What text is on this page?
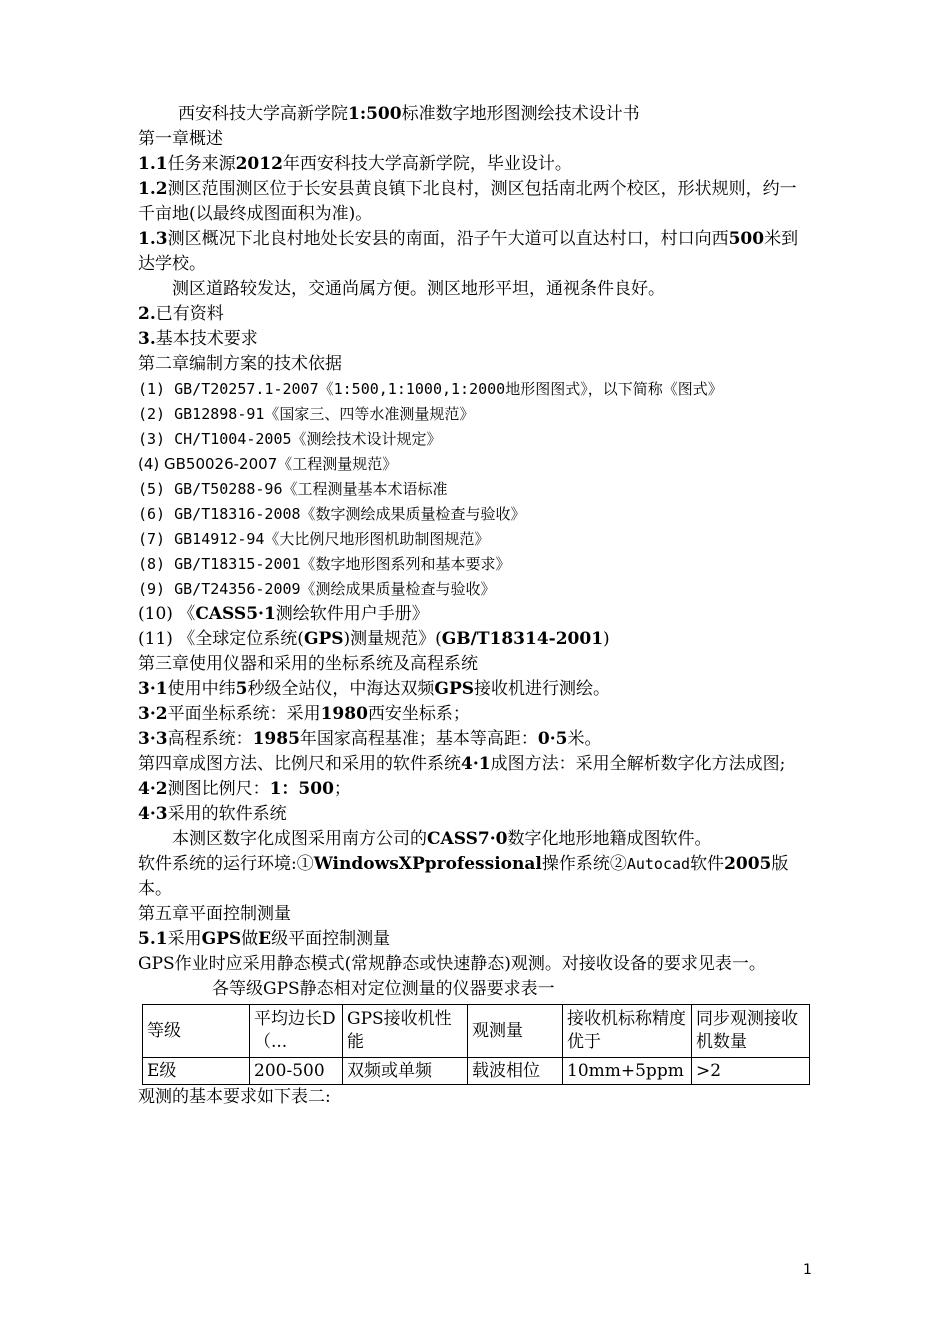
西安科技大学高新学院1:500标准数字地形图测绘技术设计书
第一章概述
1.1任务来源2012年西安科技大学高新学院，毕业设计。
1.2测区范围测区位于长安县黄良镇下北良村，测区包括南北两个校区，形状规则，约一千亩地(以最终成图面积为准)。
1.3测区概况下北良村地处长安县的南面，沿子午大道可以直达村口，村口向西500米到达学校。
测区道路较发达，交通尚属方便。测区地形平坦，通视条件良好。
2.已有资料
3.基本技术要求
第二章编制方案的技术依据
(1) GB/T20257.1-2007《1:500,1:1000,1:2000地形图图式》，以下简称《图式》
(2) GB12898-91《国家三、四等水准测量规范》
(3) CH/T1004-2005《测绘技术设计规定》
(4) GB50026-2007《工程测量规范》
(5) GB/T50288-96《工程测量基本术语标准
(6) GB/T18316-2008《数字测绘成果质量检查与验收》
(7) GB14912-94《大比例尺地形图机助制图规范》
(8) GB/T18315-2001《数字地形图系列和基本要求》
(9) GB/T24356-2009《测绘成果质量检查与验收》
(10) 《CASS5·1测绘软件用户手册》
(11) 《全球定位系统(GPS)测量规范》(GB/T18314-2001)
第三章使用仪器和采用的坐标系统及高程系统
3·1使用中纬5秒级全站仪，中海达双频GPS接收机进行测绘。
3·2平面坐标系统：采用1980西安坐标系；
3·3高程系统：1985年国家高程基准；基本等高距：0·5米。
第四章成图方法、比例尺和采用的软件系统4·1成图方法：采用全解析数字化方法成图;
4·2测图比例尺：1：500；
4·3采用的软件系统
本测区数字化成图采用南方公司的CASS7·0数字化地形地籍成图软件。
软件系统的运行环境:①WindowsXPprofessional操作系统②Autocad软件2005版本。
第五章平面控制测量
5.1采用GPS做E级平面控制测量
GPS作业时应采用静态模式(常规静态或快速静态)观测。对接收设备的要求见表一。
各等级GPS静态相对定位测量的仪器要求表一
等级	平均边长D（...	GPS接收机性能	观测量	接收机标称精度优于	同步观测接收机数量
E级	200-500	双频或单频	载波相位	10mm+5ppm	>2
观测的基本要求如下表二:
1
